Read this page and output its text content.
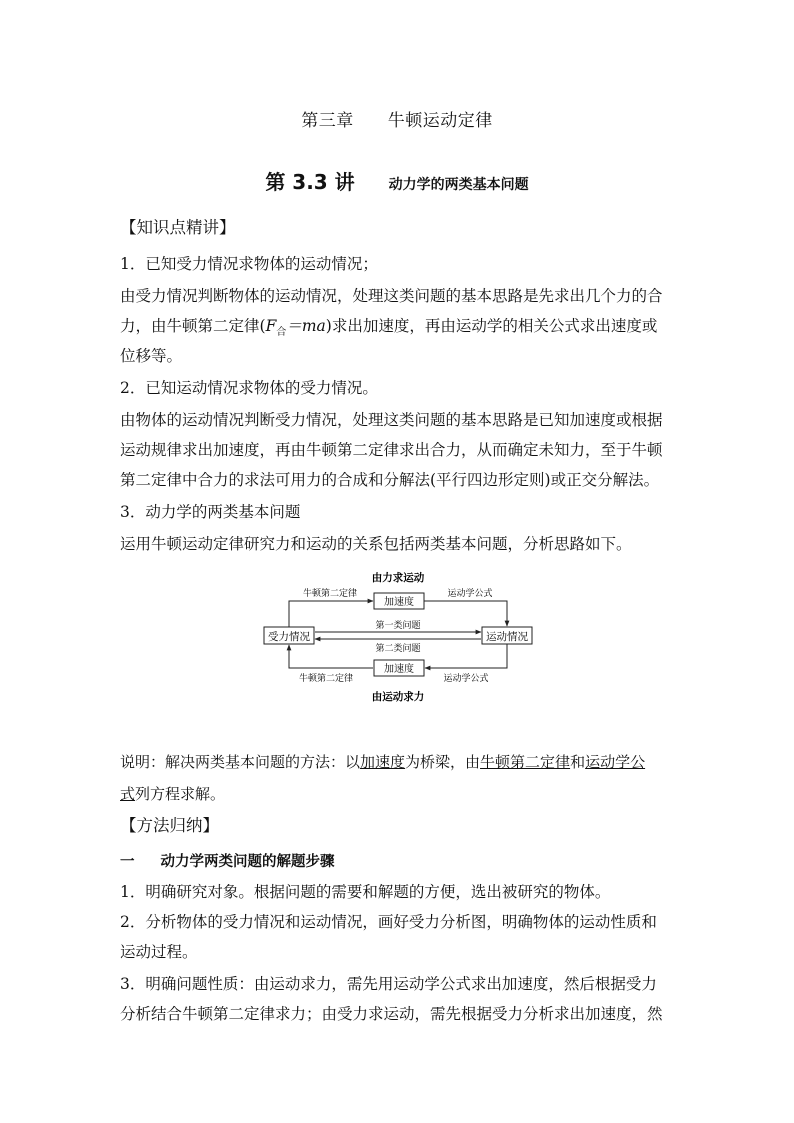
第三章 牛顿运动定律
第 3.3 讲 动力学的两类基本问题
【知识点精讲】
1．已知受力情况求物体的运动情况；
由受力情况判断物体的运动情况，处理这类问题的基本思路是先求出几个力的合
力，由牛顿第二定律$(F_合=ma)$求出加速度，再由运动学的相关公式求出速度或
位移等。
2．已知运动情况求物体的受力情况。
由物体的运动情况判断受力情况，处理这类问题的基本思路是已知加速度或根据
运动规律求出加速度，再由牛顿第二定律求出合力，从而确定未知力，至于牛顿
第二定律中合力的求法可用力的合成和分解法(平行四边形定则)或正交分解法。
3．动力学的两类基本问题
运用牛顿运动定律研究力和运动的关系包括两类基本问题，分析思路如下。
由力求运动
由运动求力
受力情况	运动情况
加速度
加速度
牛顿第二定律	运动学公式
第一类问题
第二类问题
牛顿第二定律	运动学公式
说明：解决两类基本问题的方法：以加速度为桥梁，由牛顿第二定律和运动学公
式列方程求解。
【方法归纳】
一 动力学两类问题的解题步骤
1．明确研究对象。根据问题的需要和解题的方便，选出被研究的物体。
2．分析物体的受力情况和运动情况，画好受力分析图，明确物体的运动性质和
运动过程。
3．明确问题性质：由运动求力，需先用运动学公式求出加速度，然后根据受力
分析结合牛顿第二定律求力；由受力求运动，需先根据受力分析求出加速度，然
